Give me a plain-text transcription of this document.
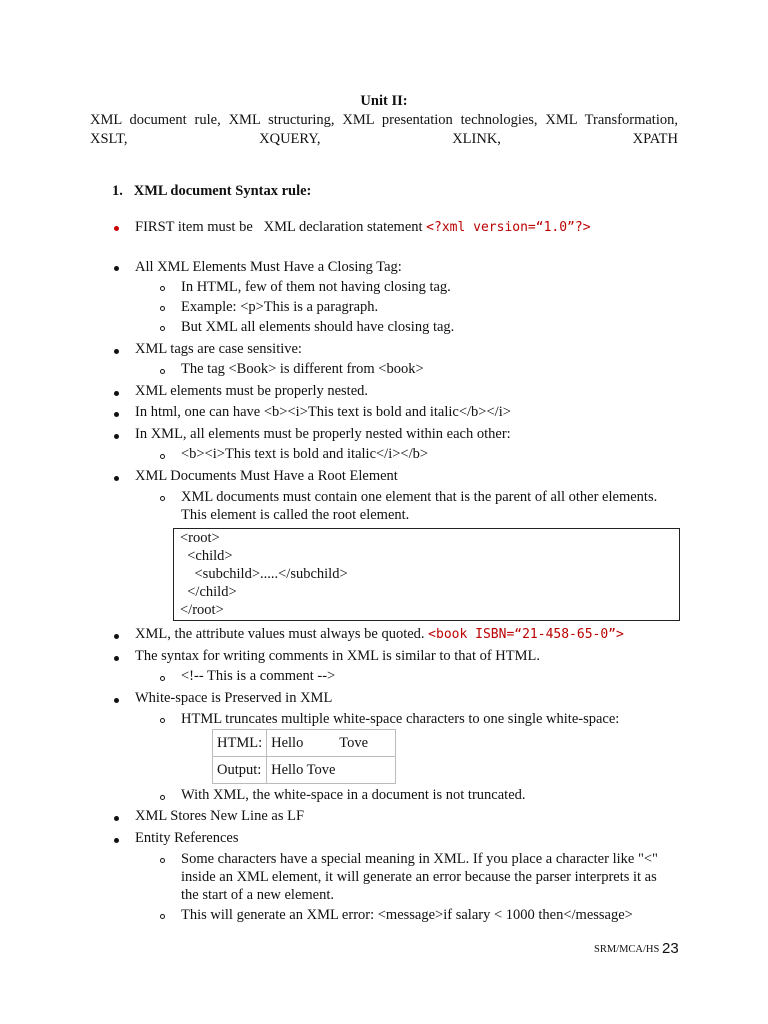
Unit II:
XML document rule, XML structuring, XML presentation technologies, XML Transformation, XSLT, XQUERY, XLINK, XPATH
1.   XML document Syntax rule:
FIRST item must be   XML declaration statement <?xml version=“1.0”?>
All XML Elements Must Have a Closing Tag:
In HTML, few of them not having closing tag.
Example: <p>This is a paragraph.
But XML all elements should have closing tag.
XML tags are case sensitive:
The tag <Book> is different from <book>
XML elements must be properly nested.
In html, one can have <b><i>This text is bold and italic</b></i>
In XML, all elements must be properly nested within each other:
<b><i>This text is bold and italic</i></b>
XML Documents Must Have a Root Element
XML documents must contain one element that is the parent of all other elements.
This element is called the root element.
<root>
<child>
<subchild>.....</subchild>
</child>
</root>
XML, the attribute values must always be quoted. <book ISBN=“21-458-65-0”>
The syntax for writing comments in XML is similar to that of HTML.
<!-- This is a comment -->
White-space is Preserved in XML
HTML truncates multiple white-space characters to one single white-space:
HTML:	Hello          Tove
Output:	Hello Tove
With XML, the white-space in a document is not truncated.
XML Stores New Line as LF
Entity References
Some characters have a special meaning in XML. If you place a character like "<"
inside an XML element, it will generate an error because the parser interprets it as
the start of a new element.
This will generate an XML error: <message>if salary < 1000 then</message>
SRM/MCA/HS 23
